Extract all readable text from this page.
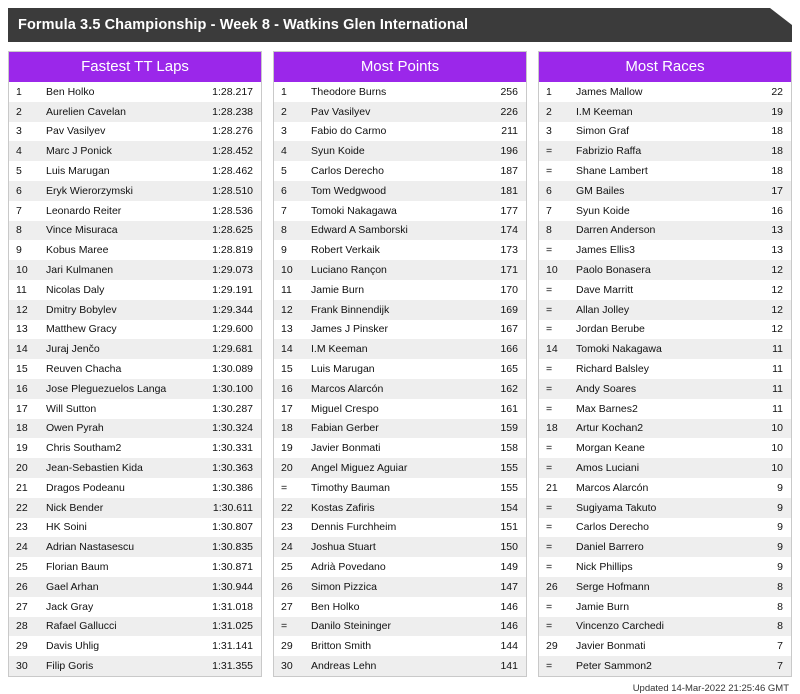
Formula 3.5 Championship - Week 8 - Watkins Glen International
Fastest TT Laps
1	Ben Holko	1:28.217
2	Aurelien Cavelan	1:28.238
3	Pav Vasilyev	1:28.276
4	Marc J Ponick	1:28.452
5	Luis Marugan	1:28.462
6	Eryk Wierorzymski	1:28.510
7	Leonardo Reiter	1:28.536
8	Vince Misuraca	1:28.625
9	Kobus Maree	1:28.819
10	Jari Kulmanen	1:29.073
11	Nicolas Daly	1:29.191
12	Dmitry Bobylev	1:29.344
13	Matthew Gracy	1:29.600
14	Juraj Jenčo	1:29.681
15	Reuven Chacha	1:30.089
16	Jose Pleguezuelos Langa	1:30.100
17	Will Sutton	1:30.287
18	Owen Pyrah	1:30.324
19	Chris Southam2	1:30.331
20	Jean-Sebastien Kida	1:30.363
21	Dragos Podeanu	1:30.386
22	Nick Bender	1:30.611
23	HK Soini	1:30.807
24	Adrian Nastasescu	1:30.835
25	Florian Baum	1:30.871
26	Gael Arhan	1:30.944
27	Jack Gray	1:31.018
28	Rafael Gallucci	1:31.025
29	Davis Uhlig	1:31.141
30	Filip Goris	1:31.355
Most Points
1	Theodore Burns	256
2	Pav Vasilyev	226
3	Fabio do Carmo	211
4	Syun Koide	196
5	Carlos Derecho	187
6	Tom Wedgwood	181
7	Tomoki Nakagawa	177
8	Edward A Samborski	174
9	Robert Verkaik	173
10	Luciano Rançon	171
11	Jamie Burn	170
12	Frank Binnendijk	169
13	James J Pinsker	167
14	I.M Keeman	166
15	Luis Marugan	165
16	Marcos Alarcón	162
17	Miguel Crespo	161
18	Fabian Gerber	159
19	Javier Bonmati	158
20	Angel Miguez Aguiar	155
=	Timothy Bauman	155
22	Kostas Zafiris	154
23	Dennis Furchheim	151
24	Joshua Stuart	150
25	Adrià Povedano	149
26	Simon Pizzica	147
27	Ben Holko	146
=	Danilo Steininger	146
29	Britton Smith	144
30	Andreas Lehn	141
Most Races
1	James Mallow	22
2	I.M Keeman	19
3	Simon Graf	18
=	Fabrizio Raffa	18
=	Shane Lambert	18
6	GM Bailes	17
7	Syun Koide	16
8	Darren Anderson	13
=	James Ellis3	13
10	Paolo Bonasera	12
=	Dave Marritt	12
=	Allan Jolley	12
=	Jordan Berube	12
14	Tomoki Nakagawa	11
=	Richard Balsley	11
=	Andy Soares	11
=	Max Barnes2	11
18	Artur Kochan2	10
=	Morgan Keane	10
=	Amos Luciani	10
21	Marcos Alarcón	9
=	Sugiyama Takuto	9
=	Carlos Derecho	9
=	Daniel Barrero	9
=	Nick Phillips	9
26	Serge Hofmann	8
=	Jamie Burn	8
=	Vincenzo Carchedi	8
29	Javier Bonmati	7
=	Peter Sammon2	7
Updated 14-Mar-2022 21:25:46 GMT
